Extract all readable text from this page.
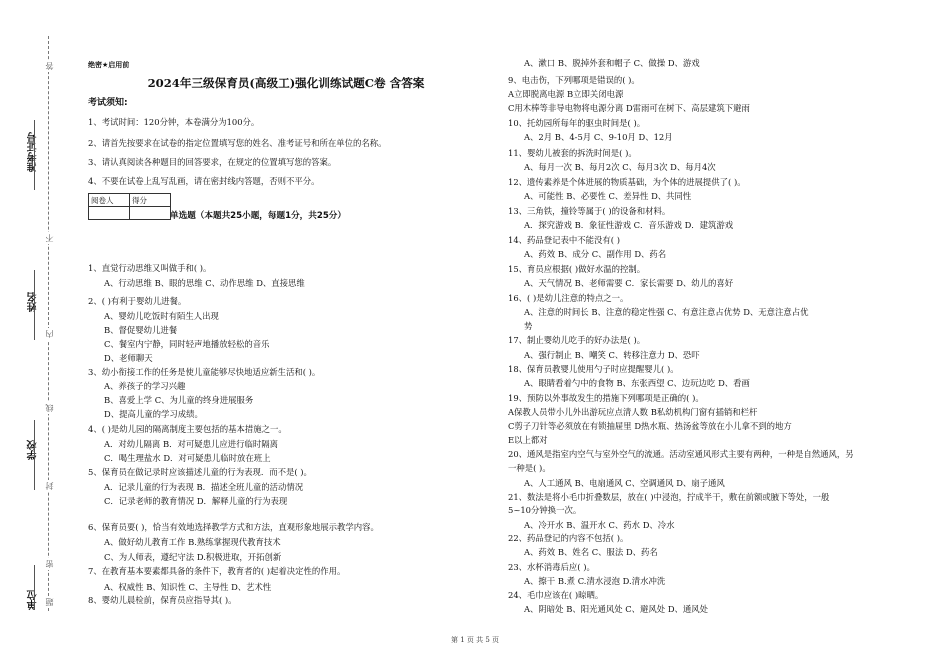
准考证号
姓名
学校
单位
答
不
内
线
封
密
题
绝密★启用前
2024年三级保育员(高级工)强化训练试题C卷 含答案
考试须知:
1、考试时间：120分钟，本卷满分为100分。
2、请首先按要求在试卷的指定位置填写您的姓名、准考证号和所在单位的名称。
3、请认真阅读各种题目的回答要求，在规定的位置填写您的答案。
4、不要在试卷上乱写乱画，请在密封线内答题，否则不平分。
阅卷人	得分

单选题（本题共25小题，每题1分，共25分）
1、直觉行动思维又叫做手和( )。
A、行动思维 B、眼的思维 C、动作思维 D、直接思维
2、( )有利于婴幼儿进餐。
A、婴幼儿吃饭时有陌生人出现
B、督促婴幼儿进餐
C、餐室内宁静，同时轻声地播放轻松的音乐
D、老师聊天
3、幼小衔接工作的任务是使儿童能够尽快地适应新生活和( )。
A、养孩子的学习兴趣
B、喜爱上学 C、为儿童的终身进展服务
D、提高儿童的学习成绩。
4、( )是幼儿园的隔离制度主要包括的基本措施之一。
A．对幼儿隔离 B．对可疑患儿应进行临时隔离
C．喝生理盐水 D．对可疑患儿临时放在班上
5、保育员在做记录时应该描述儿童的行为表现．而不是( )。
A．记录儿童的行为表现 B．描述全班儿童的活动情况
C．记录老师的教育情况 D．解释儿童的行为表现
6、保育员要( )，恰当有效地选择教学方式和方法，直观形象地展示教学内容。
A、做好幼儿教育工作 B.熟练掌握现代教育技术
C、为人师表，遵纪守法 D.积极进取，开拓创新
7、在教育基本要素都具备的条件下，教育者的( )起着决定性的作用。
A、权威性 B、知识性 C、主导性 D、艺术性
8、婴幼儿晨检前，保育员应指导其( )。
A、漱口 B、脱掉外套和帽子 C、做操 D、游戏
9、电击伤，下列哪项是错误的( )。
A立即脱离电源 B立即关闭电源
C用木棒等非导电物将电源分离 D雷雨可在树下、高层建筑下避雨
10、托幼园所每年的驱虫时间是( )。
A、2月 B、4-5月 C、9-10月 D、12月
11、婴幼儿被套的拆洗时间是( )。
A、每月一次 B、每月2次 C、每月3次 D、每月4次
12、遗传素养是个体进展的物质基础，为个体的进展提供了( )。
A、可能性 B、必要性 C、差异性 D、共同性
13、三角铁，撞铃等属于( )的设备和材料。
A．探究游戏 B．象征性游戏 C．音乐游戏 D．建筑游戏
14、药品登记表中不能没有( )
A、药效 B、成分 C、副作用 D、药名
15、育员应根据( )做好水温的控制。
A、天气情况 B、老师需要 C．家长需要 D、幼儿的喜好
16、( )是幼儿注意的特点之一。
A、注意的时间长 B、注意的稳定性强 C、有意注意占优势 D、无意注意占优
势
17、制止婴幼儿吃手的好办法是( )。
A、强行制止 B、嘲笑 C、转移注意力 D、恐吓
18、保育员教婴儿使用勺子时应提醒婴儿( )。
A、眼睛看着勺中的食物 B、东张西望 C、边玩边吃 D、看画
19、预防以外事故发生的措施下列哪项是正确的( )。
A保教人员带小儿外出游玩应点清人数 B私幼机构门窗有插销和栏杆
C剪子刀针等必须放在有锁抽屉里 D热水瓶、热汤盆等放在小儿拿不到的地方
E以上都对
20、通风是指室内空气与室外空气的流通。活动室通风形式主要有两种，一种是自然通风，另
一种是( )。
A、人工通风 B、电扇通风 C、空调通风 D、扇子通风
21、数法是将小毛巾折叠数层，放在( )中浸泡，拧成半干，敷在前额或腋下等处，一般
5~10分钟换一次。
A、冷开水 B、温开水 C、药水 D、冷水
22、药品登记的内容不包括( )。
A、药效 B、姓名 C、服法 D、药名
23、水杯消毒后应( )。
A、擦干 B.煮 C.清水浸泡 D.清水冲洗
24、毛巾应该在( )晾晒。
A、阴暗处 B、阳光通风处 C、避风处 D、通风处
第 1 页 共 5 页
